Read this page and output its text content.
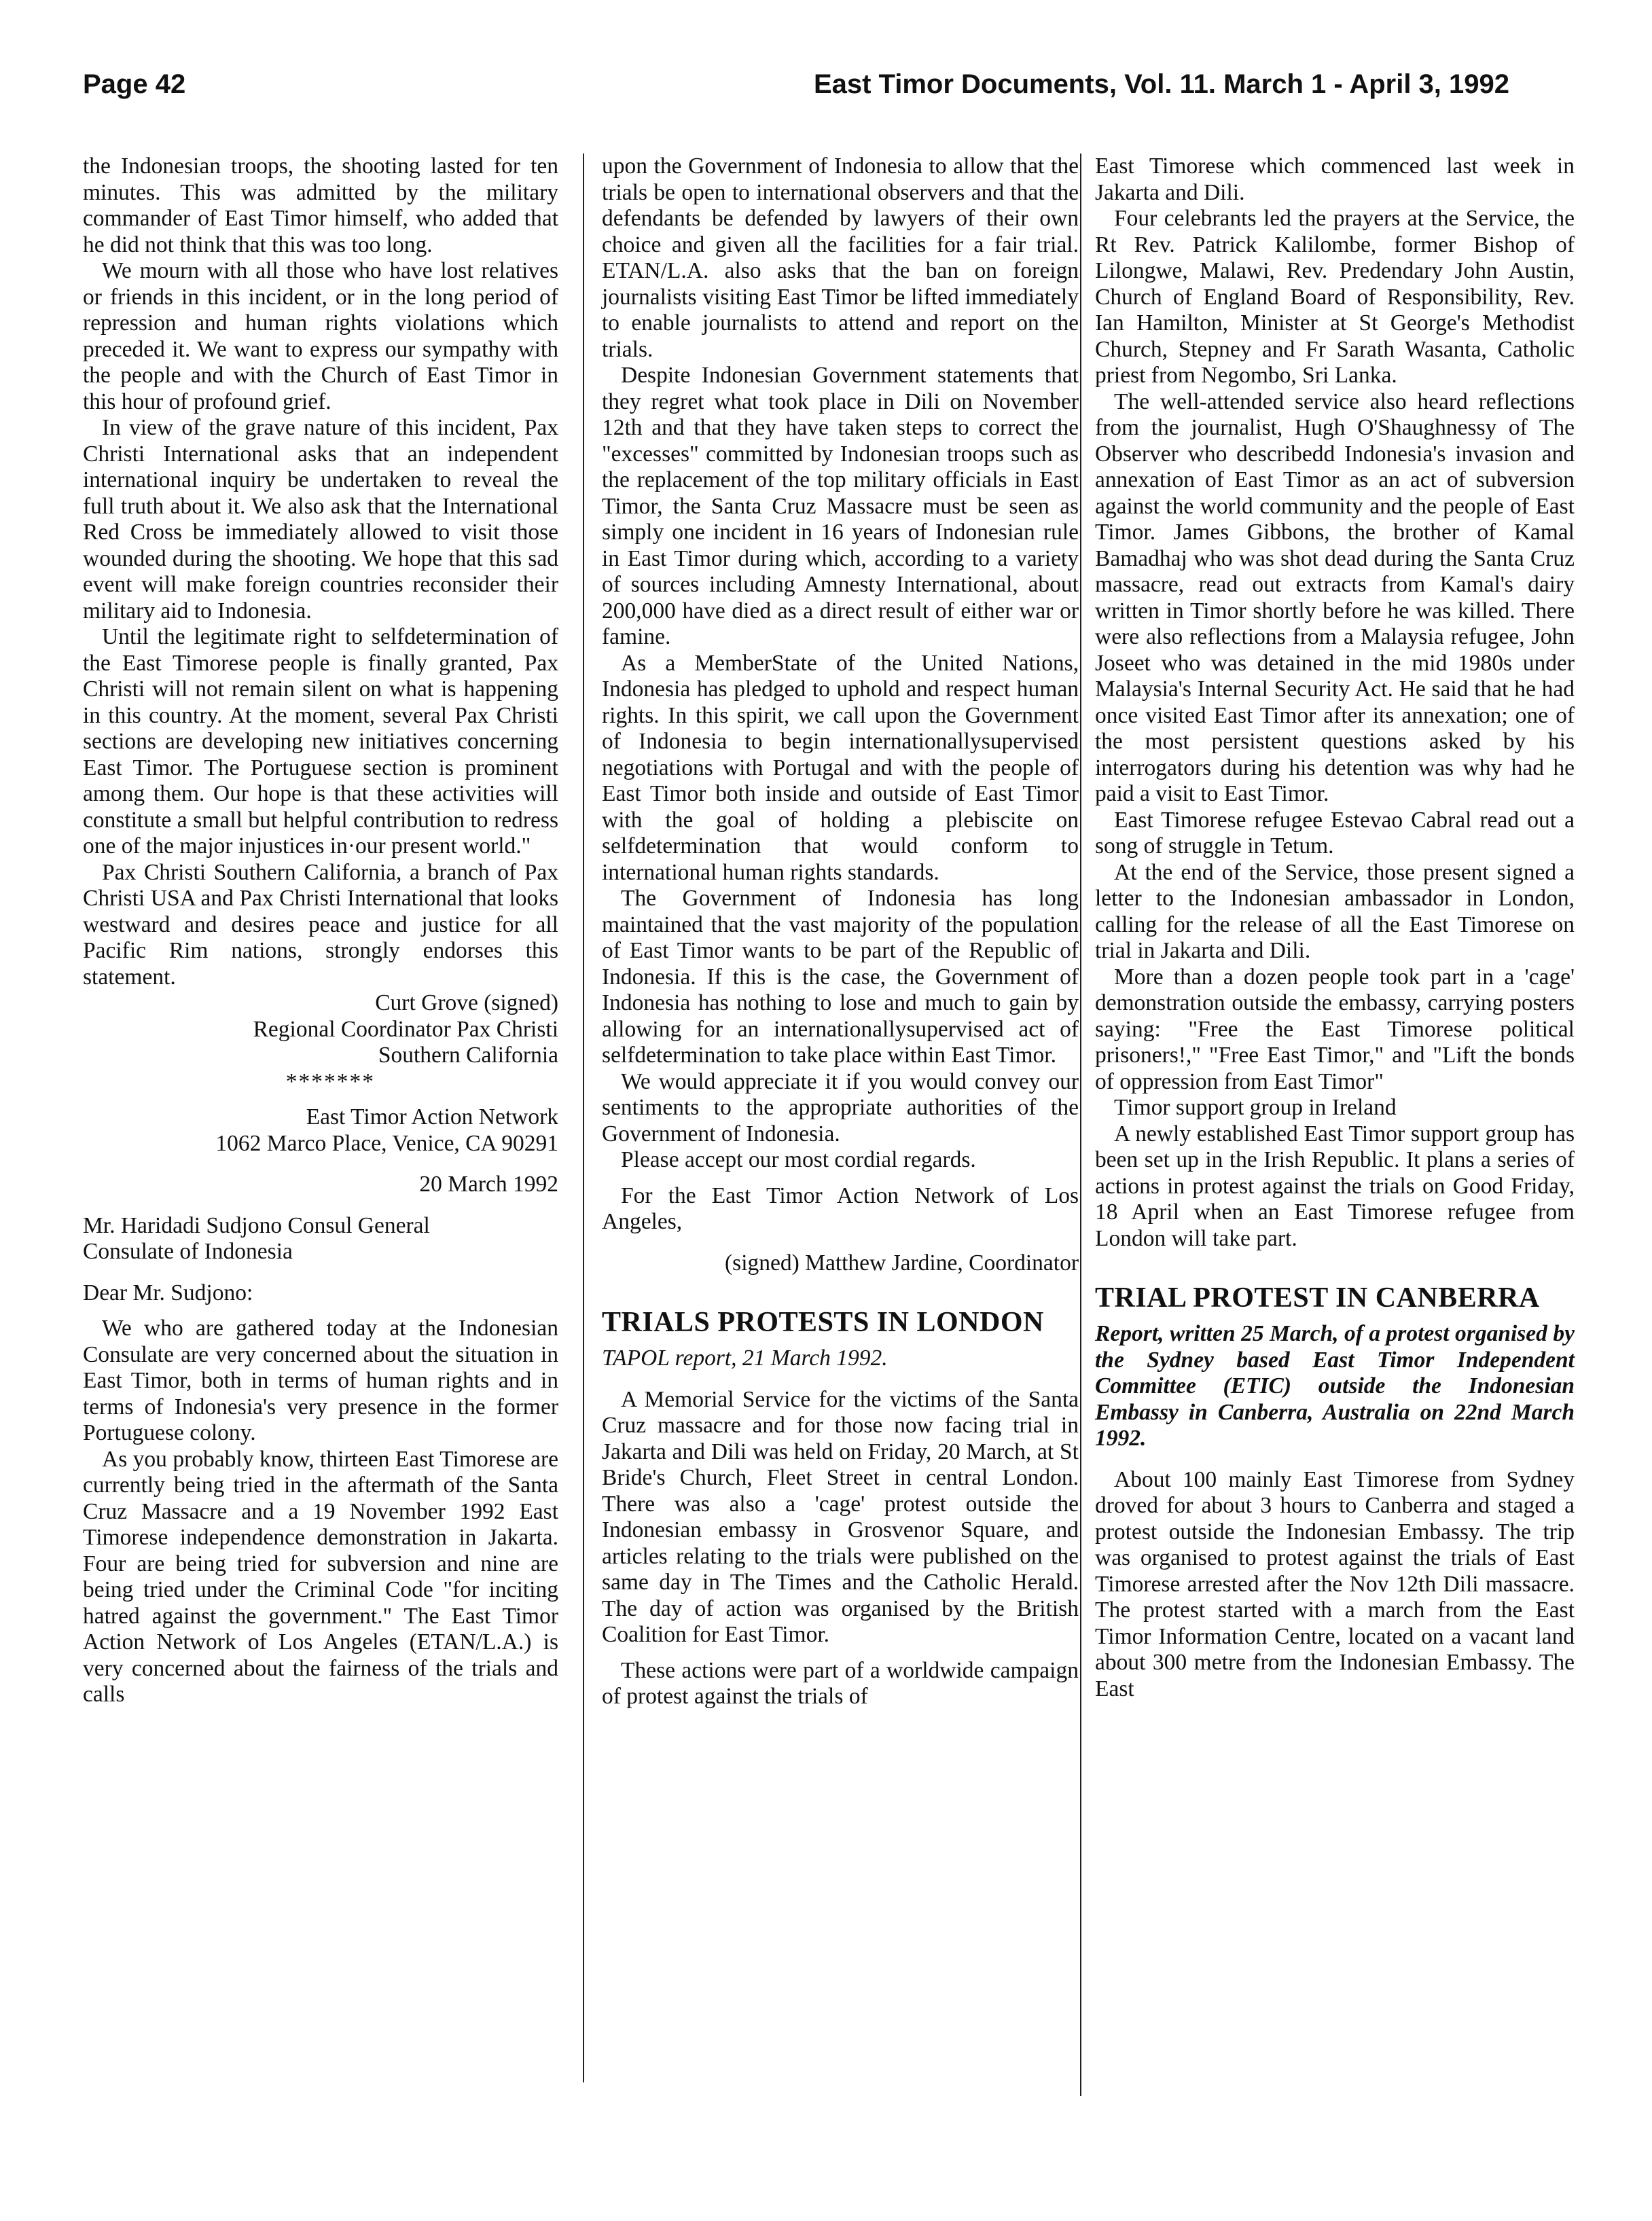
Page 42	East Timor Documents, Vol. 11. March 1 - April 3, 1992

the Indonesian troops, the shooting lasted for ten minutes. This was admitted by the military commander of East Timor himself, who added that he did not think that this was too long.

We mourn with all those who have lost relatives or friends in this incident, or in the long period of repression and human rights violations which preceded it. We want to express our sympathy with the people and with the Church of East Timor in this hour of profound grief.

In view of the grave nature of this incident, Pax Christi International asks that an independent international inquiry be undertaken to reveal the full truth about it. We also ask that the International Red Cross be immediately allowed to visit those wounded during the shooting. We hope that this sad event will make foreign countries reconsider their military aid to Indonesia.

Until the legitimate right to selfdetermination of the East Timorese people is finally granted, Pax Christi will not remain silent on what is happening in this country. At the moment, several Pax Christi sections are developing new initiatives concerning East Timor. The Portuguese section is prominent among them. Our hope is that these activities will constitute a small but helpful contribution to redress one of the major injustices in·our present world."

Pax Christi Southern California, a branch of Pax Christi USA and Pax Christi International that looks westward and desires peace and justice for all Pacific Rim nations, strongly endorses this statement.

Curt Grove (signed)

Regional Coordinator Pax Christi

Southern California

*******

East Timor Action Network

1062 Marco Place, Venice, CA 90291

20 March 1992

Mr. Haridadi Sudjono Consul General

Consulate of Indonesia

Dear Mr. Sudjono:

We who are gathered today at the Indonesian Consulate are very concerned about the situation in East Timor, both in terms of human rights and in terms of Indonesia's very presence in the former Portuguese colony.

As you probably know, thirteen East Timorese are currently being tried in the aftermath of the Santa Cruz Massacre and a 19 November 1992 East Timorese independence demonstration in Jakarta. Four are being tried for subversion and nine are being tried under the Criminal Code "for inciting hatred against the government." The East Timor Action Network of Los Angeles (ETAN/L.A.) is very concerned about the fairness of the trials and calls

upon the Government of Indonesia to allow that the trials be open to international observers and that the defendants be defended by lawyers of their own choice and given all the facilities for a fair trial. ETAN/L.A. also asks that the ban on foreign journalists visiting East Timor be lifted immediately to enable journalists to attend and report on the trials.

Despite Indonesian Government statements that they regret what took place in Dili on November 12th and that they have taken steps to correct the "excesses" committed by Indonesian troops such as the replacement of the top military officials in East Timor, the Santa Cruz Massacre must be seen as simply one incident in 16 years of Indonesian rule in East Timor during which, according to a variety of sources including Amnesty International, about 200,000 have died as a direct result of either war or famine.

As a MemberState of the United Nations, Indonesia has pledged to uphold and respect human rights. In this spirit, we call upon the Government of Indonesia to begin internationallysupervised negotiations with Portugal and with the people of East Timor both inside and outside of East Timor with the goal of holding a plebiscite on selfdetermination that would conform to international human rights standards.

The Government of Indonesia has long maintained that the vast majority of the population of East Timor wants to be part of the Republic of Indonesia. If this is the case, the Government of Indonesia has nothing to lose and much to gain by allowing for an internationallysupervised act of selfdetermination to take place within East Timor.

We would appreciate it if you would convey our sentiments to the appropriate authorities of the Government of Indonesia.

Please accept our most cordial regards.

For the East Timor Action Network of Los Angeles,

(signed) Matthew Jardine, Coordinator

TRIALS PROTESTS IN LONDON

TAPOL report, 21 March 1992.

A Memorial Service for the victims of the Santa Cruz massacre and for those now facing trial in Jakarta and Dili was held on Friday, 20 March, at St Bride's Church, Fleet Street in central London. There was also a 'cage' protest outside the Indonesian embassy in Grosvenor Square, and articles relating to the trials were published on the same day in The Times and the Catholic Herald. The day of action was organised by the British Coalition for East Timor.

These actions were part of a worldwide campaign of protest against the trials of

East Timorese which commenced last week in Jakarta and Dili.

Four celebrants led the prayers at the Service, the Rt Rev. Patrick Kalilombe, former Bishop of Lilongwe, Malawi, Rev. Predendary John Austin, Church of England Board of Responsibility, Rev. Ian Hamilton, Minister at St George's Methodist Church, Stepney and Fr Sarath Wasanta, Catholic priest from Negombo, Sri Lanka.

The well-attended service also heard reflections from the journalist, Hugh O'Shaughnessy of The Observer who describedd Indonesia's invasion and annexation of East Timor as an act of subversion against the world community and the people of East Timor. James Gibbons, the brother of Kamal Bamadhaj who was shot dead during the Santa Cruz massacre, read out extracts from Kamal's dairy written in Timor shortly before he was killed. There were also reflections from a Malaysia refugee, John Joseet who was detained in the mid 1980s under Malaysia's Internal Security Act. He said that he had once visited East Timor after its annexation; one of the most persistent questions asked by his interrogators during his detention was why had he paid a visit to East Timor.

East Timorese refugee Estevao Cabral read out a song of struggle in Tetum.

At the end of the Service, those present signed a letter to the Indonesian ambassador in London, calling for the release of all the East Timorese on trial in Jakarta and Dili.

More than a dozen people took part in a 'cage' demonstration outside the embassy, carrying posters saying: "Free the East Timorese political prisoners!," "Free East Timor," and "Lift the bonds of oppression from East Timor"

Timor support group in Ireland

A newly established East Timor support group has been set up in the Irish Republic. It plans a series of actions in protest against the trials on Good Friday, 18 April when an East Timorese refugee from London will take part.

TRIAL PROTEST IN CANBERRA

Report, written 25 March, of a protest organised by the Sydney based East Timor Independent Committee (ETIC) outside the Indonesian Embassy in Canberra, Australia on 22nd March 1992.

About 100 mainly East Timorese from Sydney droved for about 3 hours to Canberra and staged a protest outside the Indonesian Embassy. The trip was organised to protest against the trials of East Timorese arrested after the Nov 12th Dili massacre. The protest started with a march from the East Timor Information Centre, located on a vacant land about 300 metre from the Indonesian Embassy. The East
